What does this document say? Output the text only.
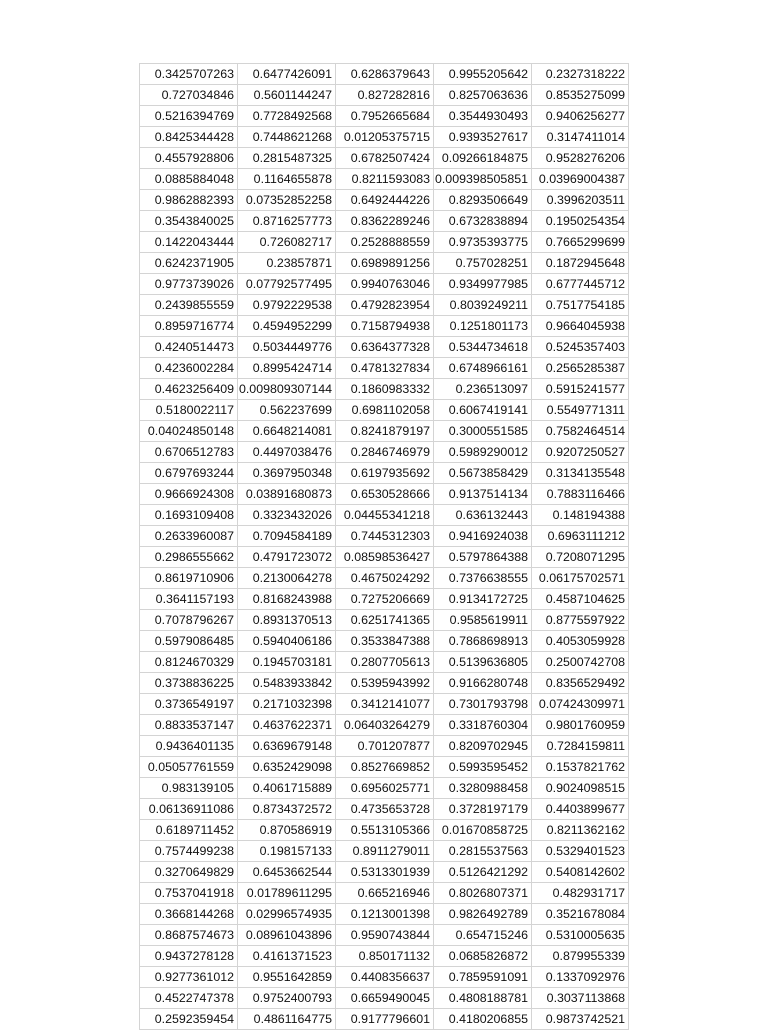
0.3425707263	0.6477426091	0.6286379643	0.9955205642	0.2327318222
0.727034846	0.5601144247	0.827282816	0.8257063636	0.8535275099
0.5216394769	0.7728492568	0.7952665684	0.3544930493	0.9406256277
0.8425344428	0.7448621268	0.01205375715	0.9393527617	0.3147411014
0.4557928806	0.2815487325	0.6782507424	0.09266184875	0.9528276206
0.0885884048	0.1164655878	0.8211593083	0.009398505851	0.03969004387
0.9862882393	0.07352852258	0.6492444226	0.8293506649	0.3996203511
0.3543840025	0.8716257773	0.8362289246	0.6732838894	0.1950254354
0.1422043444	0.726082717	0.2528888559	0.9735393775	0.7665299699
0.6242371905	0.23857871	0.6989891256	0.757028251	0.1872945648
0.9773739026	0.07792577495	0.9940763046	0.9349977985	0.6777445712
0.2439855559	0.9792229538	0.4792823954	0.8039249211	0.7517754185
0.8959716774	0.4594952299	0.7158794938	0.1251801173	0.9664045938
0.4240514473	0.5034449776	0.6364377328	0.5344734618	0.5245357403
0.4236002284	0.8995424714	0.4781327834	0.6748966161	0.2565285387
0.4623256409	0.009809307144	0.1860983332	0.236513097	0.5915241577
0.5180022117	0.562237699	0.6981102058	0.6067419141	0.5549771311
0.04024850148	0.6648214081	0.8241879197	0.3000551585	0.7582464514
0.6706512783	0.4497038476	0.2846746979	0.5989290012	0.9207250527
0.6797693244	0.3697950348	0.6197935692	0.5673858429	0.3134135548
0.9666924308	0.03891680873	0.6530528666	0.9137514134	0.7883116466
0.1693109408	0.3323432026	0.04455341218	0.636132443	0.148194388
0.2633960087	0.7094584189	0.7445312303	0.9416924038	0.6963111212
0.2986555662	0.4791723072	0.08598536427	0.5797864388	0.7208071295
0.8619710906	0.2130064278	0.4675024292	0.7376638555	0.06175702571
0.3641157193	0.8168243988	0.7275206669	0.9134172725	0.4587104625
0.7078796267	0.8931370513	0.6251741365	0.9585619911	0.8775597922
0.5979086485	0.5940406186	0.3533847388	0.7868698913	0.4053059928
0.8124670329	0.1945703181	0.2807705613	0.5139636805	0.2500742708
0.3738836225	0.5483933842	0.5395943992	0.9166280748	0.8356529492
0.3736549197	0.2171032398	0.3412141077	0.7301793798	0.07424309971
0.8833537147	0.4637622371	0.06403264279	0.3318760304	0.9801760959
0.9436401135	0.6369679148	0.701207877	0.8209702945	0.7284159811
0.05057761559	0.6352429098	0.8527669852	0.5993595452	0.1537821762
0.983139105	0.4061715889	0.6956025771	0.3280988458	0.9024098515
0.06136911086	0.8734372572	0.4735653728	0.3728197179	0.4403899677
0.6189711452	0.870586919	0.5513105366	0.01670858725	0.8211362162
0.7574499238	0.198157133	0.8911279011	0.2815537563	0.5329401523
0.3270649829	0.6453662544	0.5313301939	0.5126421292	0.5408142602
0.7537041918	0.01789611295	0.665216946	0.8026807371	0.482931717
0.3668144268	0.02996574935	0.1213001398	0.9826492789	0.3521678084
0.8687574673	0.08961043896	0.9590743844	0.654715246	0.5310005635
0.9437278128	0.4161371523	0.850171132	0.0685826872	0.879955339
0.9277361012	0.9551642859	0.4408356637	0.7859591091	0.1337092976
0.4522747378	0.9752400793	0.6659490045	0.4808188781	0.3037113868
0.2592359454	0.4861164775	0.9177796601	0.4180206855	0.9873742521
